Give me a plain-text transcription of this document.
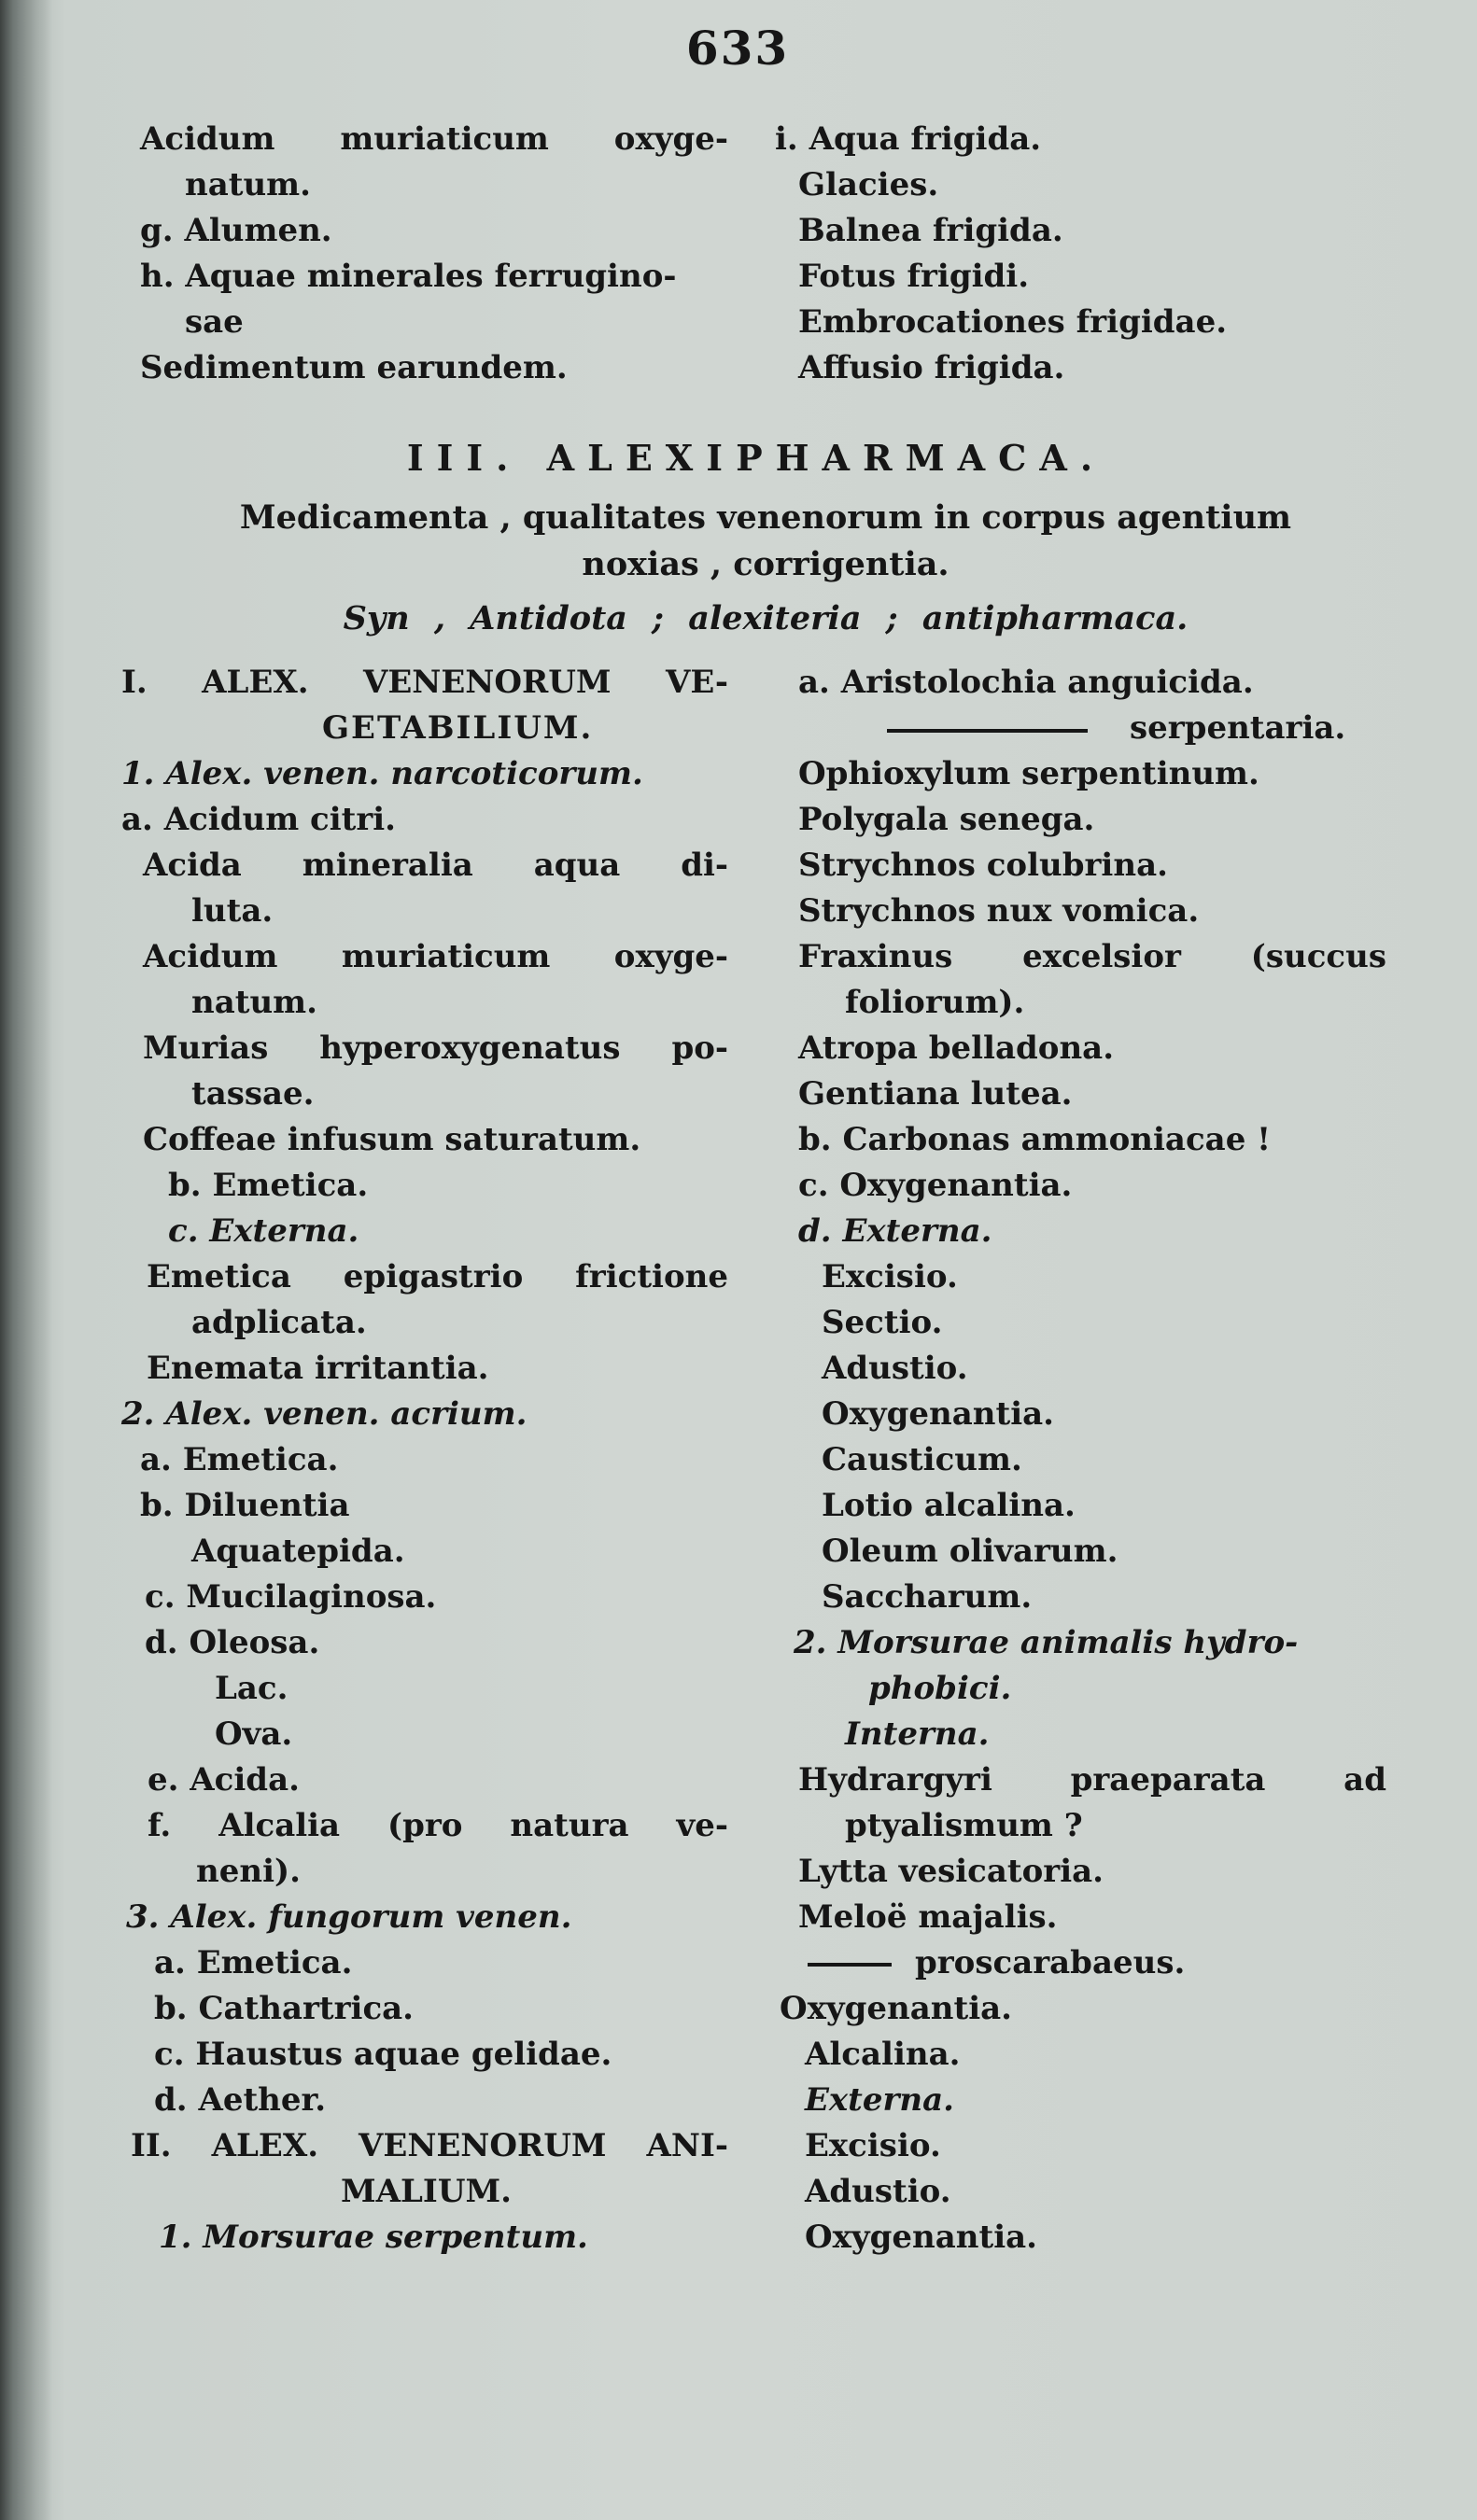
633
Acidum muriaticum oxyge-
natum.
g. Alumen.
h. Aquae minerales ferrugino-
sae
Sedimentum earundem.
i. Aqua frigida.
Glacies.
Balnea frigida.
Fotus frigidi.
Embrocationes frigidae.
Affusio frigida.
III. ALEXIPHARMACA.
Medicamenta , qualitates venenorum in corpus agentium
noxias , corrigentia.
Syn , Antidota ; alexiteria ; antipharmaca.
I. ALEX. VENENORUM VE-
GETABILIUM.
1. Alex. venen. narcoticorum.
a. Acidum citri.
Acida mineralia aqua di-
luta.
Acidum muriaticum oxyge-
natum.
Murias hyperoxygenatus po-
tassae.
Coffeae infusum saturatum.
b. Emetica.
c. Externa.
Emetica epigastrio frictione
adplicata.
Enemata irritantia.
2. Alex. venen. acrium.
a. Emetica.
b. Diluentia
Aquatepida.
c. Mucilaginosa.
d. Oleosa.
Lac.
Ova.
e. Acida.
f. Alcalia (pro natura ve-
neni).
3. Alex. fungorum venen.
a. Emetica.
b. Cathartrica.
c. Haustus aquae gelidae.
d. Aether.
II. ALEX. VENENORUM ANI-
MALIUM.
1. Morsurae serpentum.
a. Aristolochia anguicida.
serpentaria.
Ophioxylum serpentinum.
Polygala senega.
Strychnos colubrina.
Strychnos nux vomica.
Fraxinus excelsior (succus
foliorum).
Atropa belladona.
Gentiana lutea.
b. Carbonas ammoniacae !
c. Oxygenantia.
d. Externa.
Excisio.
Sectio.
Adustio.
Oxygenantia.
Causticum.
Lotio alcalina.
Oleum olivarum.
Saccharum.
2. Morsurae animalis hydro-
phobici.
Interna.
Hydrargyri praeparata ad
ptyalismum ?
Lytta vesicatoria.
Meloë majalis.
proscarabaeus.
Oxygenantia.
Alcalina.
Externa.
Excisio.
Adustio.
Oxygenantia.
